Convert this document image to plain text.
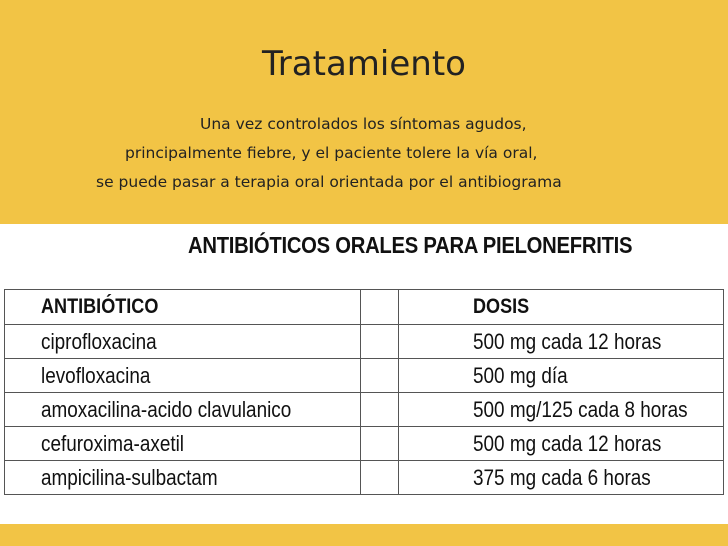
Tratamiento
Una vez controlados los síntomas agudos,
principalmente fiebre, y el paciente tolere la vía oral,
se puede pasar a terapia oral orientada por el antibiograma
ANTIBIÓTICOS ORALES PARA PIELONEFRITIS
ANTIBIÓTICO		DOSIS
ciprofloxacina		500 mg cada 12 horas
levofloxacina		500 mg día
amoxacilina-acido clavulanico		500 mg/125 cada 8 horas
cefuroxima-axetil		500 mg cada 12 horas
ampicilina-sulbactam		375 mg cada 6 horas
